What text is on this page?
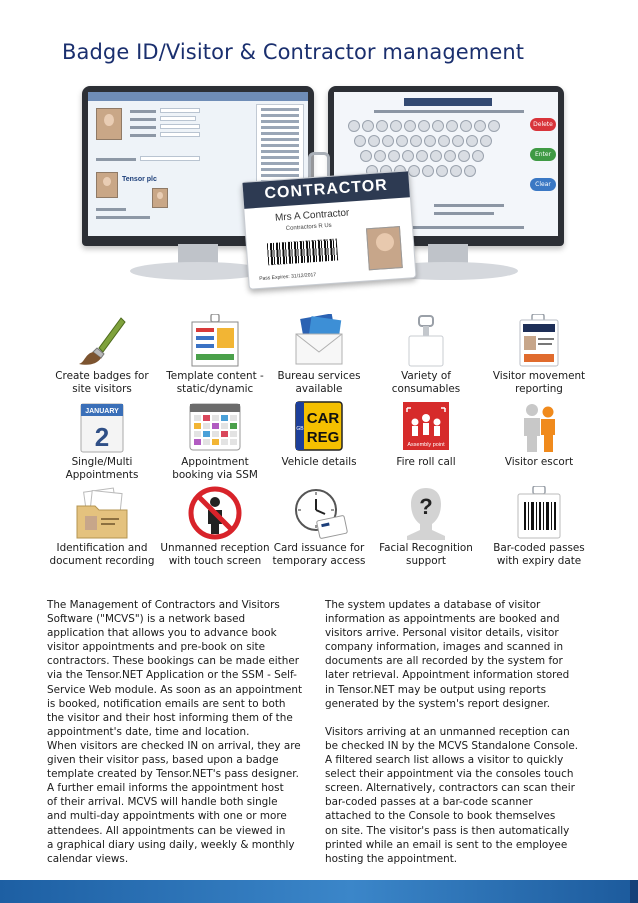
Badge ID/Visitor & Contractor management
Tensor plc
Delete
Enter
Clear
CONTRACTOR
Mrs A Contractor
Contractors R Us
Pass Expires: 31/12/2017
Create badges for site visitors
Template content - static/dynamic
Bureau services available
Variety of consumables
Visitor movement reporting
JANUARY
2
Single/Multi Appointments
Appointment booking via SSM
GB
CAR
REG
Vehicle details
Assembly point
Fire roll call	Visitor escort
Identification and document recording
Unmanned reception with touch screen
Card issuance for temporary access
?
Facial Recognition support
Bar-coded passes with expiry date
The Management of Contractors and Visitors
Software ("MCVS") is a network based
application that allows you to advance book
visitor appointments and pre-book on site
contractors. These bookings can be made either
via the Tensor.NET Application or the SSM - Self-
Service Web module. As soon as an appointment
is booked, notification emails are sent to both
the visitor and their host informing them of the
appointment's date, time and location.
When visitors are checked IN on arrival, they are
given their visitor pass, based upon a badge
template created by Tensor.NET's pass designer.
A further email informs the appointment host
of their arrival. MCVS will handle both single
and multi-day appointments with one or more
attendees. All appointments can be viewed in
a graphical diary using daily, weekly & monthly
calendar views.
The system updates a database of visitor
information as appointments are booked and
visitors arrive. Personal visitor details, visitor
company information, images and scanned in
documents are all recorded by the system for
later retrieval. Appointment information stored
in Tensor.NET may be output using reports
generated by the system's report designer.

Visitors arriving at an unmanned reception can
be checked IN by the MCVS Standalone Console.
A filtered search list allows a visitor to quickly
select their appointment via the consoles touch
screen. Alternatively, contractors can scan their
bar-coded passes at a bar-code scanner
attached to the Console to book themselves
on site. The visitor's pass is then automatically
printed while an email is sent to the employee
hosting the appointment.
